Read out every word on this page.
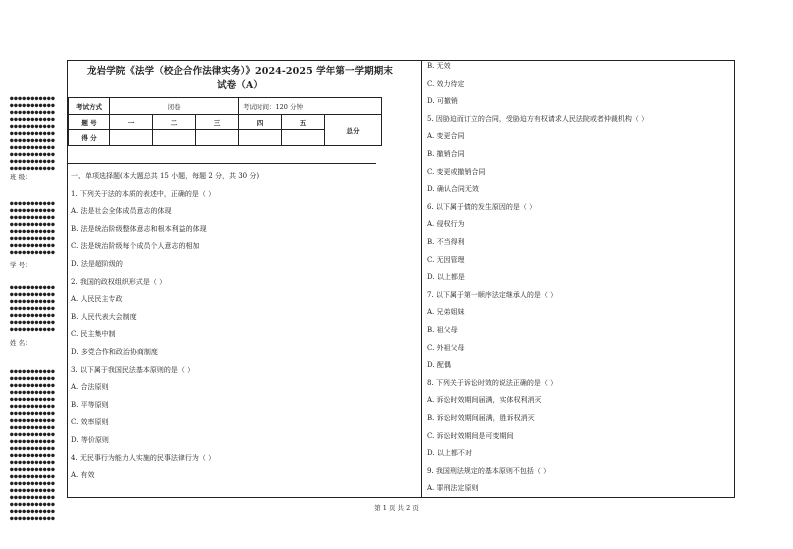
●●●●●●●●●●●
●●●●●●●●●●●
●●●●●●●●●●●
●●●●●●●●●●●
●●●●●●●●●●●
●●●●●●●●●●●
●●●●●●●●●●●
●●●●●●●●●●●
●●●●●●●●●●●
●●●●●●●●●●●
●●●●●●●●●●●
●●●●●●●●●●●
●●●●●●●●●●●
●●●●●●●●●●●
●●●●●●●●●●●
●●●●●●●●●●●
●●●●●●●●●●●
●●●●●●●●●●●
●●●●●●●●●●●
●●●●●●●●●●●
●●●●●●●●●●●
●●●●●●●●●●●
●●●●●●●●●●●
●●●●●●●●●●●
●●●●●●●●●●●
●●●●●●●●●●●
●●●●●●●●●●●
●●●●●●●●●●●
●●●●●●●●●●●
●●●●●●●●●●●
●●●●●●●●●●●
●●●●●●●●●●●
●●●●●●●●●●●
●●●●●●●●●●●
●●●●●●●●●●●
●●●●●●●●●●●
●●●●●●●●●●●
●●●●●●●●●●●
●●●●●●●●●●●
●●●●●●●●●●●
●●●●●●●●●●●
●●●●●●●●●●●
●●●●●●●●●●●
●●●●●●●●●●●
●●●●●●●●●●●
●●●●●●●●●●●
●●●●●●●●●●●
●●●●●●●●●●●
班 级：
学 号：
姓 名：
龙岩学院《法学（校企合作法律实务）》2024-2025 学年第一学期期末
试卷（A）
考试方式	闭卷			考试时间：120 分钟		
题 号	一	二	三	四	五	总分
得 分						
一、单项选择题(本大题总共 15 小题，每题 2 分，共 30 分)
1. 下列关于法的本质的表述中，正确的是（ ）
A. 法是社会全体成员意志的体现
B. 法是统治阶级整体意志和根本利益的体现
C. 法是统治阶级每个成员个人意志的相加
D. 法是超阶级的
2. 我国的政权组织形式是（ ）
A. 人民民主专政
B. 人民代表大会制度
C. 民主集中制
D. 多党合作和政治协商制度
3. 以下属于我国民法基本原则的是（ ）
A. 合法原则
B. 平等原则
C. 效率原则
D. 等价原则
4. 无民事行为能力人实施的民事法律行为（ ）
A. 有效
B. 无效
C. 效力待定
D. 可撤销
5. 因胁迫而订立的合同，受胁迫方有权请求人民法院或者仲裁机构（ ）
A. 变更合同
B. 撤销合同
C. 变更或撤销合同
D. 确认合同无效
6. 以下属于债的发生原因的是（ ）
A. 侵权行为
B. 不当得利
C. 无因管理
D. 以上都是
7. 以下属于第一顺序法定继承人的是（ ）
A. 兄弟姐妹
B. 祖父母
C. 外祖父母
D. 配偶
8. 下列关于诉讼时效的说法正确的是（ ）
A. 诉讼时效期间届满，实体权利消灭
B. 诉讼时效期间届满，胜诉权消灭
C. 诉讼时效期间是可变期间
D. 以上都不对
9. 我国刑法规定的基本原则不包括（ ）
A. 罪刑法定原则
第 1 页 共 2 页
